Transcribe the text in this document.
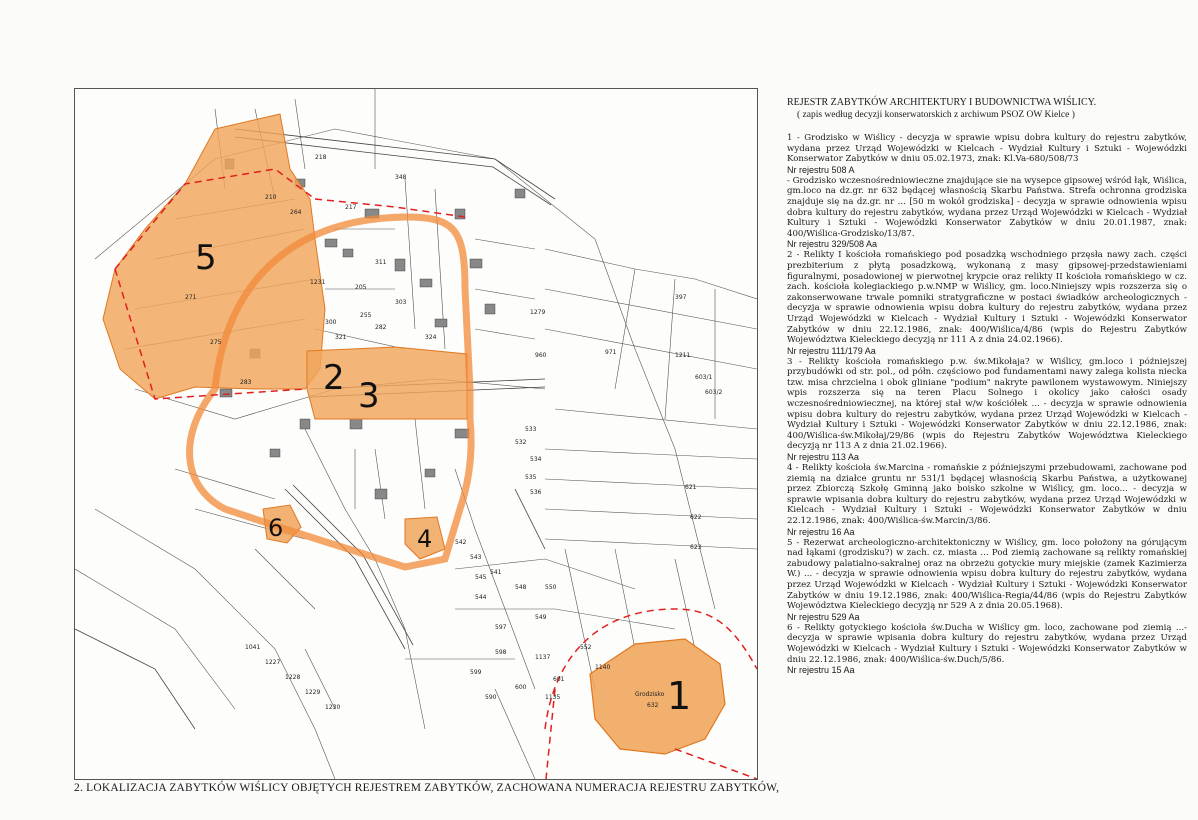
5
2 3
6	4
1
Grodzisko
632
1279
397
960	971	1211
603/1
603/2
533
532
534
535
536
621
622
623
548	550
549
597
598
599
600
601
1137
1135
590
545
544
543
542
541
552
1140
1041
1227
1228
1229
1230
1231
255
282
283
275
271
264
210
217
218
205
300
348
321
303
324
311
2. LOKALIZACJA ZABYTKÓW WIŚLICY OBJĘTYCH REJESTREM ZABYTKÓW, ZACHOWANA NUMERACJA REJESTRU ZABYTKÓW,
REJESTR ZABYTKÓW ARCHITEKTURY I BUDOWNICTWA WIŚLICY.
( zapis według decyzji konserwatorskich z archiwum PSOZ OW Kielce )

1 - Grodzisko w Wiślicy - decyzja w sprawie wpisu dobra kultury do rejestru zabytków, wydana przez Urząd Wojewódzki w Kielcach - Wydział Kultury i Sztuki - Wojewódzki Konserwator Zabytków w dniu 05.02.1973, znak: Kl.Va-680/508/73

Nr rejestru 508 A

- Grodzisko wczesnośredniowieczne znajdujące sie na wysepce gipsowej wśród łąk, Wiślica, gm.loco na dz.gr. nr 632 będącej własnością Skarbu Państwa. Strefa ochronna grodziska znajduje się na dz.gr. nr ... [50 m wokół grodziska] - decyzja w sprawie odnowienia wpisu dobra kultury do rejestru zabytków, wydana przez Urząd Wojewódzki w Kielcach - Wydział Kultury i Sztuki - Wojewódzki Konserwator Zabytków w dniu 20.01.1987, znak: 400/Wiślica-Grodzisko/13/87.

Nr rejestru 329/508 Aa

2 - Relikty I kościoła romańskiego pod posadzką wschodniego przęsła nawy zach. części prezbiterium z płytą posadzkową, wykonaną z masy gipsowej-przedstawieniami figuralnymi, posadowionej w pierwotnej krypcie oraz relikty II kościoła romańskiego w cz. zach. kościoła kolegiackiego p.w.NMP w Wiślicy, gm. loco.Niniejszy wpis rozszerza się o zakonserwowane trwale pomniki stratygraficzne w postaci świadków archeologicznych - decyzja w sprawie odnowienia wpisu dobra kultury do rejestru zabytków, wydana przez Urząd Wojewódzki w Kielcach - Wydział Kultury i Sztuki - Wojewódzki Konserwator Zabytków w dniu 22.12.1986, znak: 400/Wiślica/4/86 (wpis do Rejestru Zabytków Województwa Kieleckiego decyzją nr 111 A z dnia 24.02.1966).

Nr rejestru 111/179 Aa

3 - Relikty kościoła romańskiego p.w. św.Mikołaja? w Wiślicy, gm.loco i późniejszej przybudówki od str. pol., od półn. częściowo pod fundamentami nawy zalega kolista niecka tzw. misa chrzcielna i obok gliniane "podium" nakryte pawilonem wystawowym. Niniejszy wpis rozszerza się na teren Placu Solnego i okolicy jako całości osady wczesnośredniowiecznej, na której stał w/w kościółek ... - decyzja w sprawie odnowienia wpisu dobra kultury do rejestru zabytków, wydana przez Urząd Wojewódzki w Kielcach - Wydział Kultury i Sztuki - Wojewódzki Konserwator Zabytków w dniu 22.12.1986, znak: 400/Wiślica-św.Mikołaj/29/86 (wpis do Rejestru Zabytków Województwa Kieleckiego decyzją nr 113 A z dnia 21.02.1966).

Nr rejestru 113 Aa

4 - Relikty kościoła św.Marcina - romańskie z późniejszymi przebudowami, zachowane pod ziemią na działce gruntu nr 531/1 będącej własnością Skarbu Państwa, a użytkowanej przez Zbiorczą Szkołę Gminną jako boisko szkolne w Wiślicy, gm. loco... - decyzja w sprawie wpisania dobra kultury do rejestru zabytków, wydana przez Urząd Wojewódzki w Kielcach - Wydział Kultury i Sztuki - Wojewódzki Konserwator Zabytków w dniu 22.12.1986, znak: 400/Wiślica-św.Marcin/3/86.

Nr rejestru 16 Aa

5 - Rezerwat archeologiczno-architektoniczny w Wiślicy, gm. loco położony na górującym nad łąkami (grodzisku?) w zach. cz. miasta ... Pod ziemią zachowane są relikty romańskiej zabudowy palatialno-sakralnej oraz na obrzeżu gotyckie mury miejskie (zamek Kazimierza W.) ... - decyzja w sprawie odnowienia wpisu dobra kultury do rejestru zabytków, wydana przez Urząd Wojewódzki w Kielcach - Wydział Kultury i Sztuki - Wojewódzki Konserwator Zabytków w dniu 19.12.1986, znak: 400/Wiślica-Regia/44/86 (wpis do Rejestru Zabytków Województwa Kieleckiego decyzją nr 529 A z dnia 20.05.1968).

Nr rejestru 529 Aa

6 - Relikty gotyckiego kościoła św.Ducha w Wiślicy gm. loco, zachowane pod ziemią ...- decyzja w sprawie wpisania dobra kultury do rejestru zabytków, wydana przez Urząd Wojewódzki w Kielcach - Wydział Kultury i Sztuki - Wojewódzki Konserwator Zabytków w dniu 22.12.1986, znak: 400/Wiślica-św.Duch/5/86.

Nr rejestru 15 Aa
